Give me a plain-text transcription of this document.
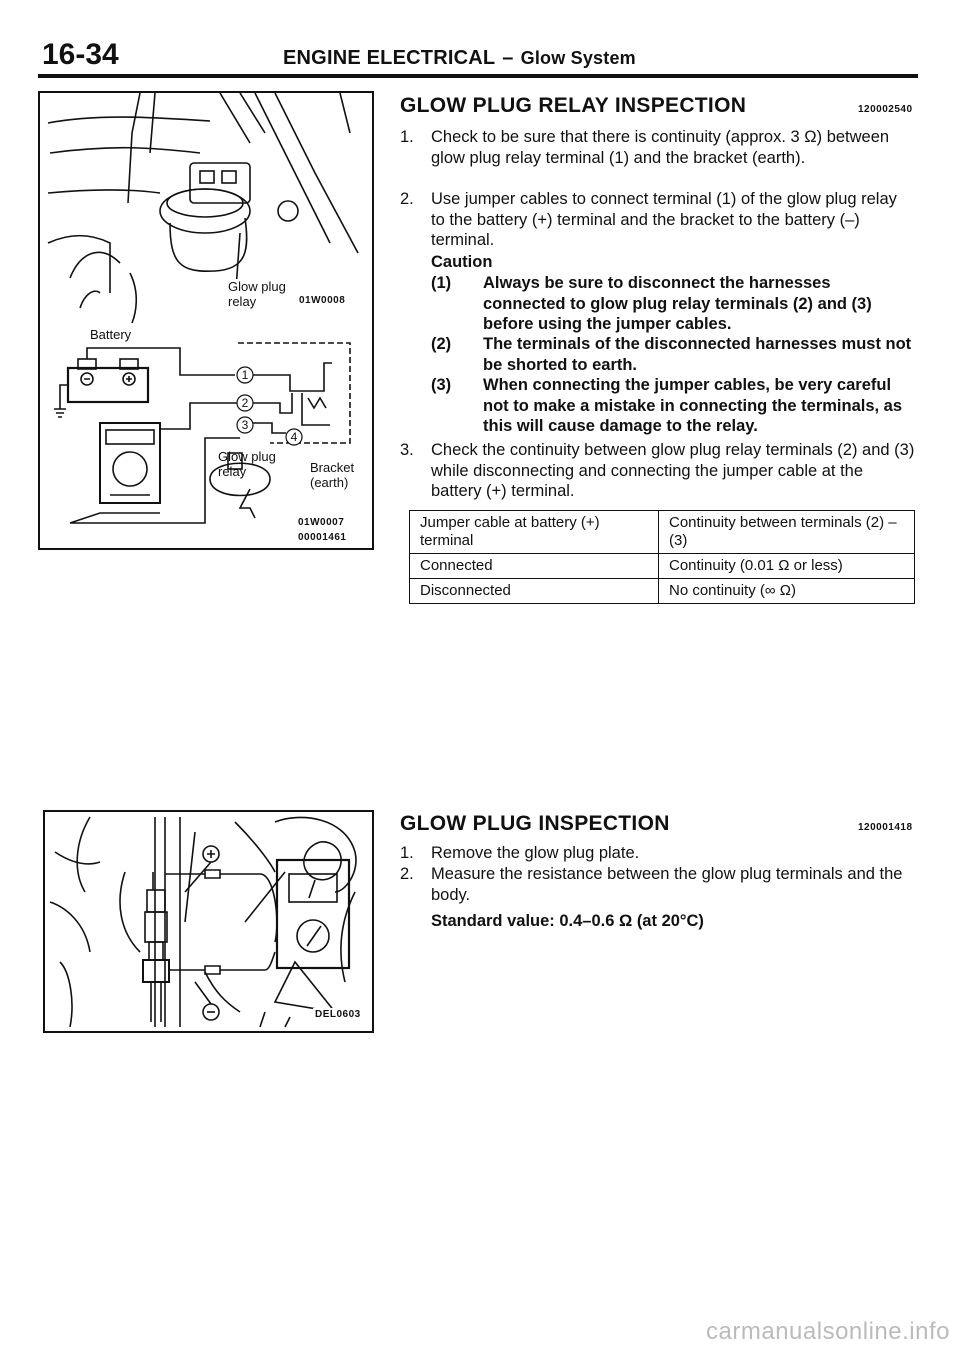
16-34	ENGINE ELECTRICAL – Glow System
1
2
3
4
Glow plug relay	01W0008
Battery
Glow plug relay	Bracket (earth)
01W0007
00001461
GLOW PLUG RELAY INSPECTION	120002540
1. Check to be sure that there is continuity (approx. 3 Ω) between glow plug relay terminal (1) and the bracket (earth).
2. Use jumper cables to connect terminal (1) of the glow plug relay to the battery (+) terminal and the bracket to the battery (–) terminal.
Caution
(1) Always be sure to disconnect the harnesses connected to glow plug relay terminals (2) and (3) before using the jumper cables.
(2) The terminals of the disconnected harnesses must not be shorted to earth.
(3) When connecting the jumper cables, be very careful not to make a mistake in connecting the terminals, as this will cause damage to the relay.
3. Check the continuity between glow plug relay terminals (2) and (3) while disconnecting and connecting the jumper cable at the battery (+) terminal.
Jumper cable at battery (+) terminal	Continuity between terminals (2) – (3)
Connected	Continuity (0.01 Ω or less)
Disconnected	No continuity (∞ Ω)
DEL0603
GLOW PLUG INSPECTION	120001418
1. Remove the glow plug plate.
2. Measure the resistance between the glow plug terminals and the body.
Standard value: 0.4–0.6 Ω (at 20°C)
carmanualsonline.info
